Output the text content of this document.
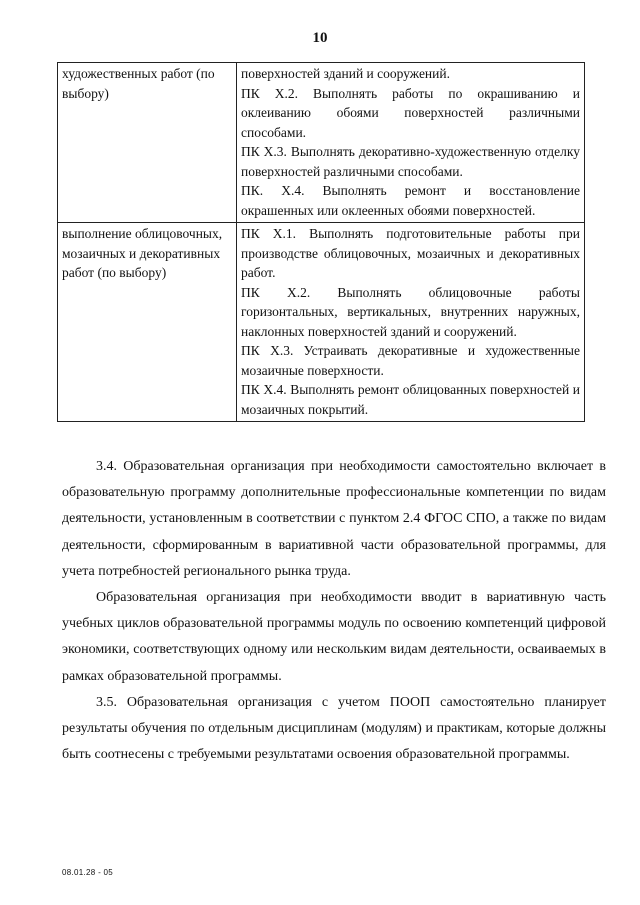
10
художественных работ (по выбору)	поверхностей зданий и сооружений.
ПК Х.2. Выполнять работы по окрашиванию и оклеиванию обоями поверхностей различными способами.
ПК Х.3. Выполнять декоративно-художественную отделку поверхностей различными способами.
ПК. Х.4. Выполнять ремонт и восстановление окрашенных или оклеенных обоями поверхностей.

выполнение облицовочных, мозаичных и декоративных работ (по выбору)	ПК Х.1. Выполнять подготовительные работы при производстве облицовочных, мозаичных и декоративных работ.
ПК Х.2. Выполнять облицовочные работы горизонтальных, вертикальных, внутренних наружных, наклонных поверхностей зданий и сооружений.
ПК Х.3. Устраивать декоративные и художественные мозаичные поверхности.
ПК Х.4. Выполнять ремонт облицованных поверхностей и мозаичных покрытий.

3.4. Образовательная организация при необходимости самостоятельно включает в образовательную программу дополнительные профессиональные компетенции по видам деятельности, установленным в соответствии с пунктом 2.4 ФГОС СПО, а также по видам деятельности, сформированным в вариативной части образовательной программы, для учета потребностей регионального рынка труда.

Образовательная организация при необходимости вводит в вариативную часть учебных циклов образовательной программы модуль по освоению компетенций цифровой экономики, соответствующих одному или нескольким видам деятельности, осваиваемых в рамках образовательной программы.

3.5. Образовательная организация с учетом ПООП самостоятельно планирует результаты обучения по отдельным дисциплинам (модулям) и практикам, которые должны быть соотнесены с требуемыми результатами освоения образовательной программы.

08.01.28 - 05
